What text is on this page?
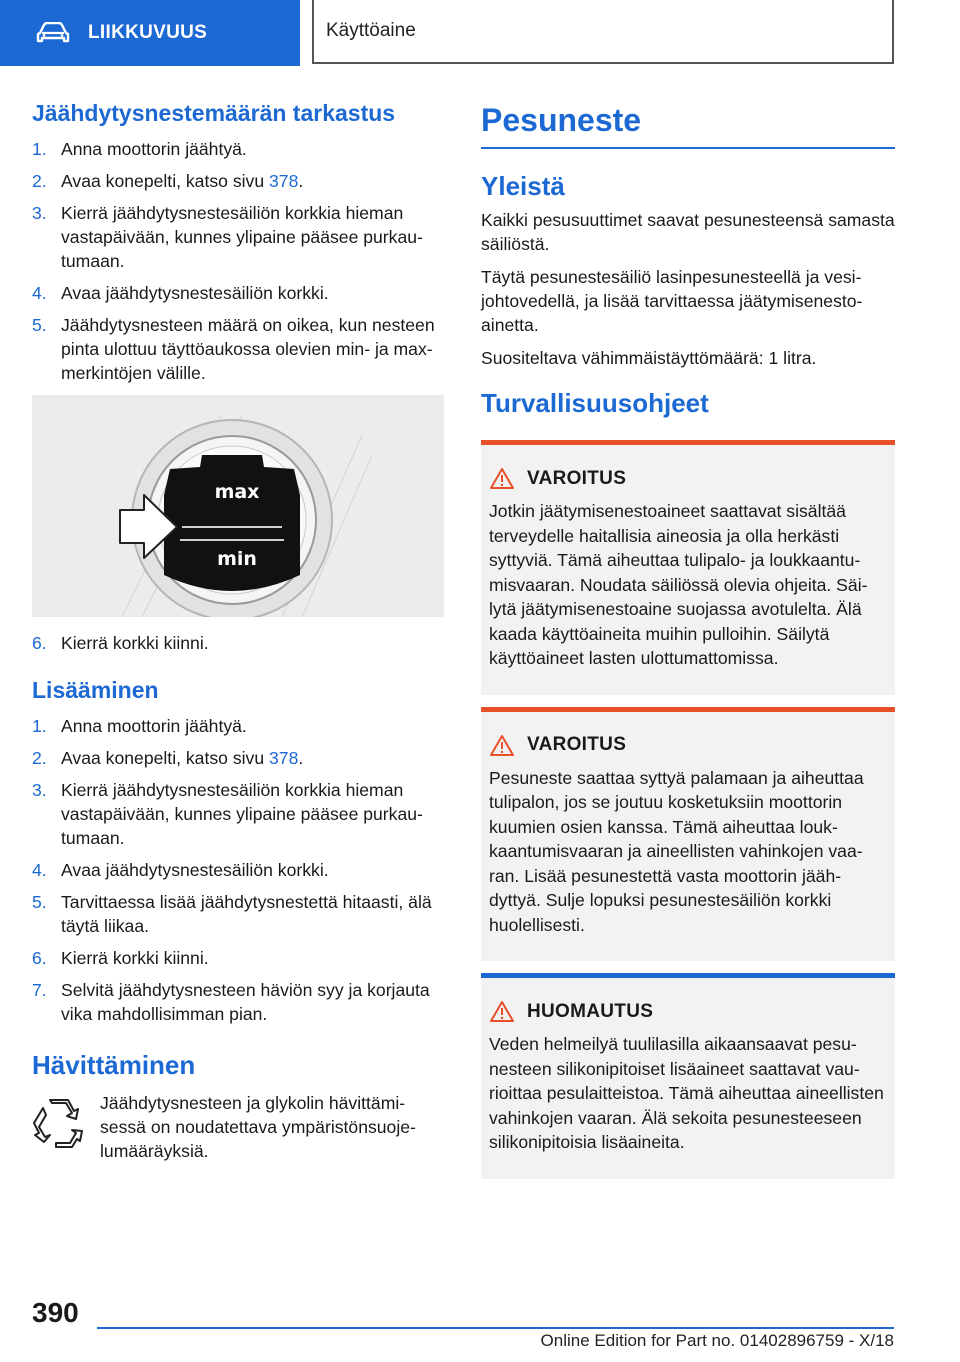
LIIKKUVUUS	Käyttöaine
Jäähdytysnestemäärän tarkastus
1. Anna moottorin jäähtyä.
2. Avaa konepelti, katso sivu 378.
3. Kierrä jäähdytysnestesäiliön korkkia hieman vastapäivään, kunnes ylipaine pääsee purkautumaan.
4. Avaa jäähdytysnestesäiliön korkki.
5. Jäähdytysnesteen määrä on oikea, kun nesteen pinta ulottuu täyttöaukossa olevien min- ja max-merkintöjen välille.
max
min
6. Kierrä korkki kiinni.
Lisääminen
1. Anna moottorin jäähtyä.
2. Avaa konepelti, katso sivu 378.
3. Kierrä jäähdytysnestesäiliön korkkia hieman vastapäivään, kunnes ylipaine pääsee purkautumaan.
4. Avaa jäähdytysnestesäiliön korkki.
5. Tarvittaessa lisää jäähdytysnestettä hitaasti, älä täytä liikaa.
6. Kierrä korkki kiinni.
7. Selvitä jäähdytysnesteen häviön syy ja korjauta vika mahdollisimman pian.
Hävittäminen
Jäähdytysnesteen ja glykolin hävittämisessä on noudatettava ympäristönsuojelumääräyksiä.
Pesuneste
Yleistä

Kaikki pesusuuttimet saavat pesunesteensä samasta säiliöstä.

Täytä pesunestesäiliö lasinpesunesteellä ja vesijohtovedellä, ja lisää tarvittaessa jäätymisenestoainetta.

Suositeltava vähimmäistäyttömäärä: 1 litra.

Turvallisuusohjeet
VAROITUS
Jotkin jäätymisenestoaineet saattavat sisältää terveydelle haitallisia aineosia ja olla herkästi syttyviä. Tämä aiheuttaa tulipalo- ja loukkaantumisvaaran. Noudata säiliössä olevia ohjeita. Säilytä jäätymisenestoaine suojassa avotulelta. Älä kaada käyttöaineita muihin pulloihin. Säilytä käyttöaineet lasten ulottumattomissa.
VAROITUS
Pesuneste saattaa syttyä palamaan ja aiheuttaa tulipalon, jos se joutuu kosketuksiin moottorin kuumien osien kanssa. Tämä aiheuttaa loukkaantumisvaaran ja aineellisten vahinkojen vaaran. Lisää pesunestettä vasta moottorin jäähdyttyä. Sulje lopuksi pesunestesäiliön korkki huolellisesti.
HUOMAUTUS
Veden helmeilyä tuulilasilla aikaansaavat pesunesteen silikonipitoiset lisäaineet saattavat vaurioittaa pesulaitteistoa. Tämä aiheuttaa aineellisten vahinkojen vaaran. Älä sekoita pesunesteeseen silikonipitoisia lisäaineita.
390
Online Edition for Part no. 01402896759 - X/18
